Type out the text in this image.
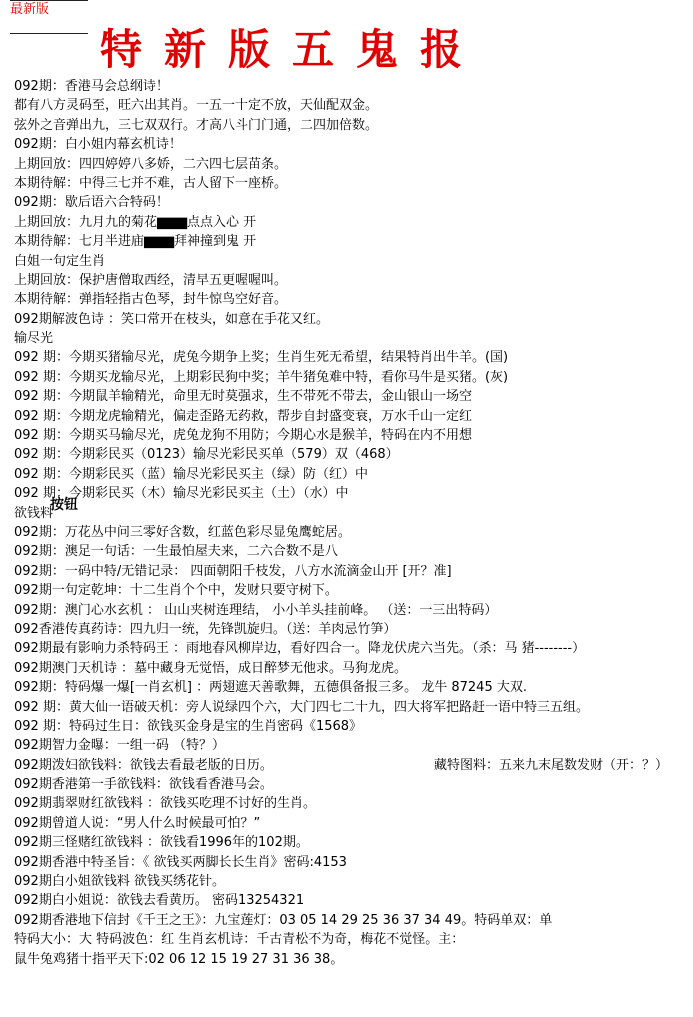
最新版
特新版五鬼报
092期：香港马会总纲诗！
都有八方灵码至，旺六出其肖。一五一十定不放，天仙配双金。
弦外之音弹出九，三七双双行。才高八斗门门通，二四加倍数。
092期：白小姐内幕玄机诗！
上期回放：四四婷婷八多娇，二六四七层苗条。
本期待解：中得三七并不难，古人留下一座桥。
092期：歇后语六合特码！
上期回放：九月九的菊花▆▆▆点点入心 开
本期待解：七月半进庙▆▆▆拜神撞到鬼 开
白姐一句定生肖
上期回放：保护唐僧取西经，清早五更喔喔叫。
本期待解：弹指轻指古色琴，封牛惊鸟空好音。
092期解波色诗 ：笑口常开在枝头，如意在手花又红。
输尽光
092 期：今期买猪输尽光，虎兔今期争上奖；生肖生死无希望，结果特肖出牛羊。(国)
092 期：今期买龙输尽光，上期彩民狗中奖；羊牛猪兔难中特，看你马牛是买猪。(灰)
092 期：今期鼠羊输精光，命里无时莫强求，生不带死不带去，金山银山一场空
092 期：今期龙虎输精光，偏走歪路无药救，帮步自封盛变衰，万水千山一定红
092 期：今期买马输尽光，虎兔龙狗不用防；今期心水是猴羊，特码在内不用想
092 期：今期彩民买（0123）输尽光彩民买单（579）双（468）
092 期：今期彩民买（蓝）输尽光彩民买主（绿）防（红）中
092 期：今期彩民买（木）输尽光彩民买主（土）（水）中
欲钱料
按钮
092期：万花丛中问三零好含数，红蓝色彩尽显兔鹰蛇居。
092期：澳足一句话：一生最怕屋夫来，二六合数不是八
092期：一码中特/无错记录： 四面朝阳千枝发，八方水流滴金山开 [开？准]
092期一句定乾坤：十二生肖个个中，发财只要守树下。
092期：澳门心水玄机 ： 山山夹树连理结， 小小羊头挂前峰。 （送：一三出特码）
092香港传真药诗：四九归一统，先锋凯旋归。（送：羊肉忌竹笋）
092期最有影响力杀特码王 ：雨地春风柳岸边，看好四合一。降龙伏虎六当先。（杀：马 猪--------）
092期澳门天机诗 ：墓中藏身无觉悟，成日醉梦无他求。马狗龙虎。
092期：特码爆一爆[一肖玄机] ：两翅遮天善歌舞，五德俱备报三多。 龙牛 87245 大双.
092 期：黄大仙一语破天机：旁人说绿四个六，大门四七二十九，四大将军把路赶一语中特三五组。
092 期：特码过生日：欲钱买金身是宝的生肖密码《1568》
092期智力金曝：一组一码 （特？）
092期泼妇欲钱料：欲钱去看最老版的日历。	藏特图料：五来九末尾数发财（开：？）
092期香港第一手欲钱料：欲钱看香港马会。
092期翡翠财红欲钱料 ：欲钱买吃理不讨好的生肖。
092期曾道人说：“男人什么时候最可怕？”
092期三怪赌红欲钱料 ：欲钱看1996年的102期。
092期香港中特圣旨：《 欲钱买两脚长长生肖》密码:4153
092期白小姐欲钱料 欲钱买绣花针。
092期白小姐说：欲钱去看黄历。 密码13254321
092期香港地下信封《千王之王》：九宝莲灯：03 05 14 29 25 36 37 34 49。特码单双：单
特码大小：大 特码波色：红 生肖玄机诗：千古青松不为奇，梅花不觉怪。主：
鼠牛兔鸡猪十指平天下:02 06 12 15 19 27 31 36 38。
